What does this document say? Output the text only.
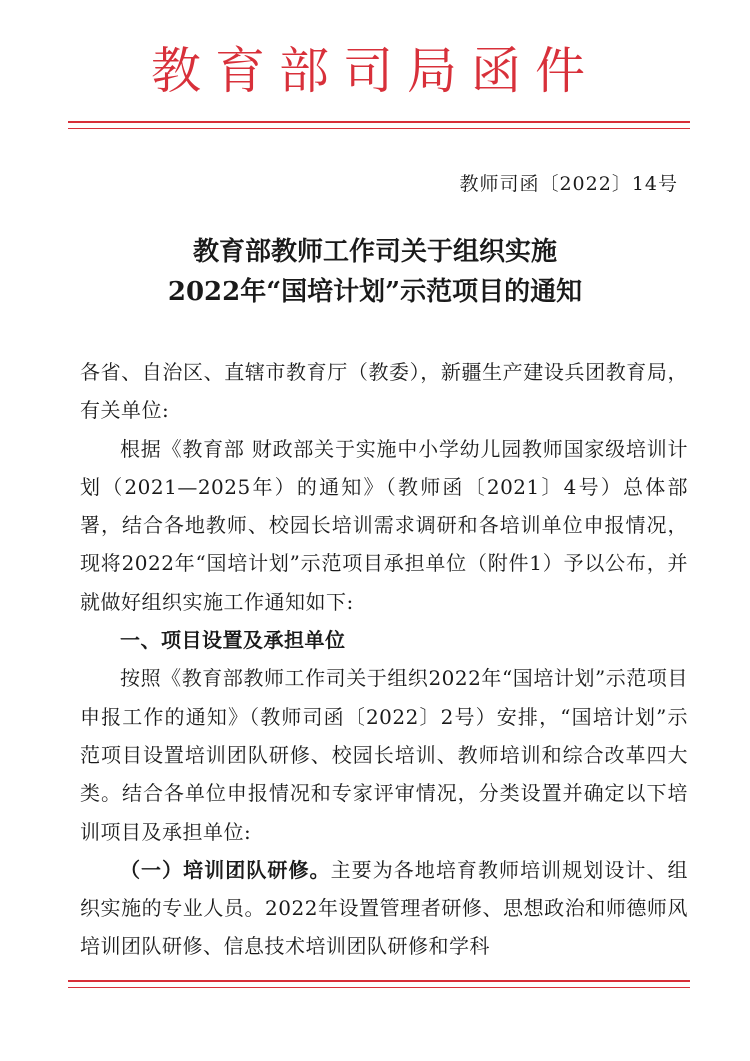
教育部司局函件
教师司函〔2022〕14号
教育部教师工作司关于组织实施
2022年“国培计划”示范项目的通知

各省、自治区、直辖市教育厅（教委），新疆生产建设兵团教育局，有关单位:

根据《教育部 财政部关于实施中小学幼儿园教师国家级培训计划（2021—2025年）的通知》（教师函〔2021〕4号）总体部署，结合各地教师、校园长培训需求调研和各培训单位申报情况，现将2022年“国培计划”示范项目承担单位（附件1）予以公布，并就做好组织实施工作通知如下:

一、项目设置及承担单位

按照《教育部教师工作司关于组织2022年“国培计划”示范项目申报工作的通知》（教师司函〔2022〕2号）安排，“国培计划”示范项目设置培训团队研修、校园长培训、教师培训和综合改革四大类。结合各单位申报情况和专家评审情况，分类设置并确定以下培训项目及承担单位:

（一）培训团队研修。主要为各地培育教师培训规划设计、组织实施的专业人员。2022年设置管理者研修、思想政治和师德师风培训团队研修、信息技术培训团队研修和学科
